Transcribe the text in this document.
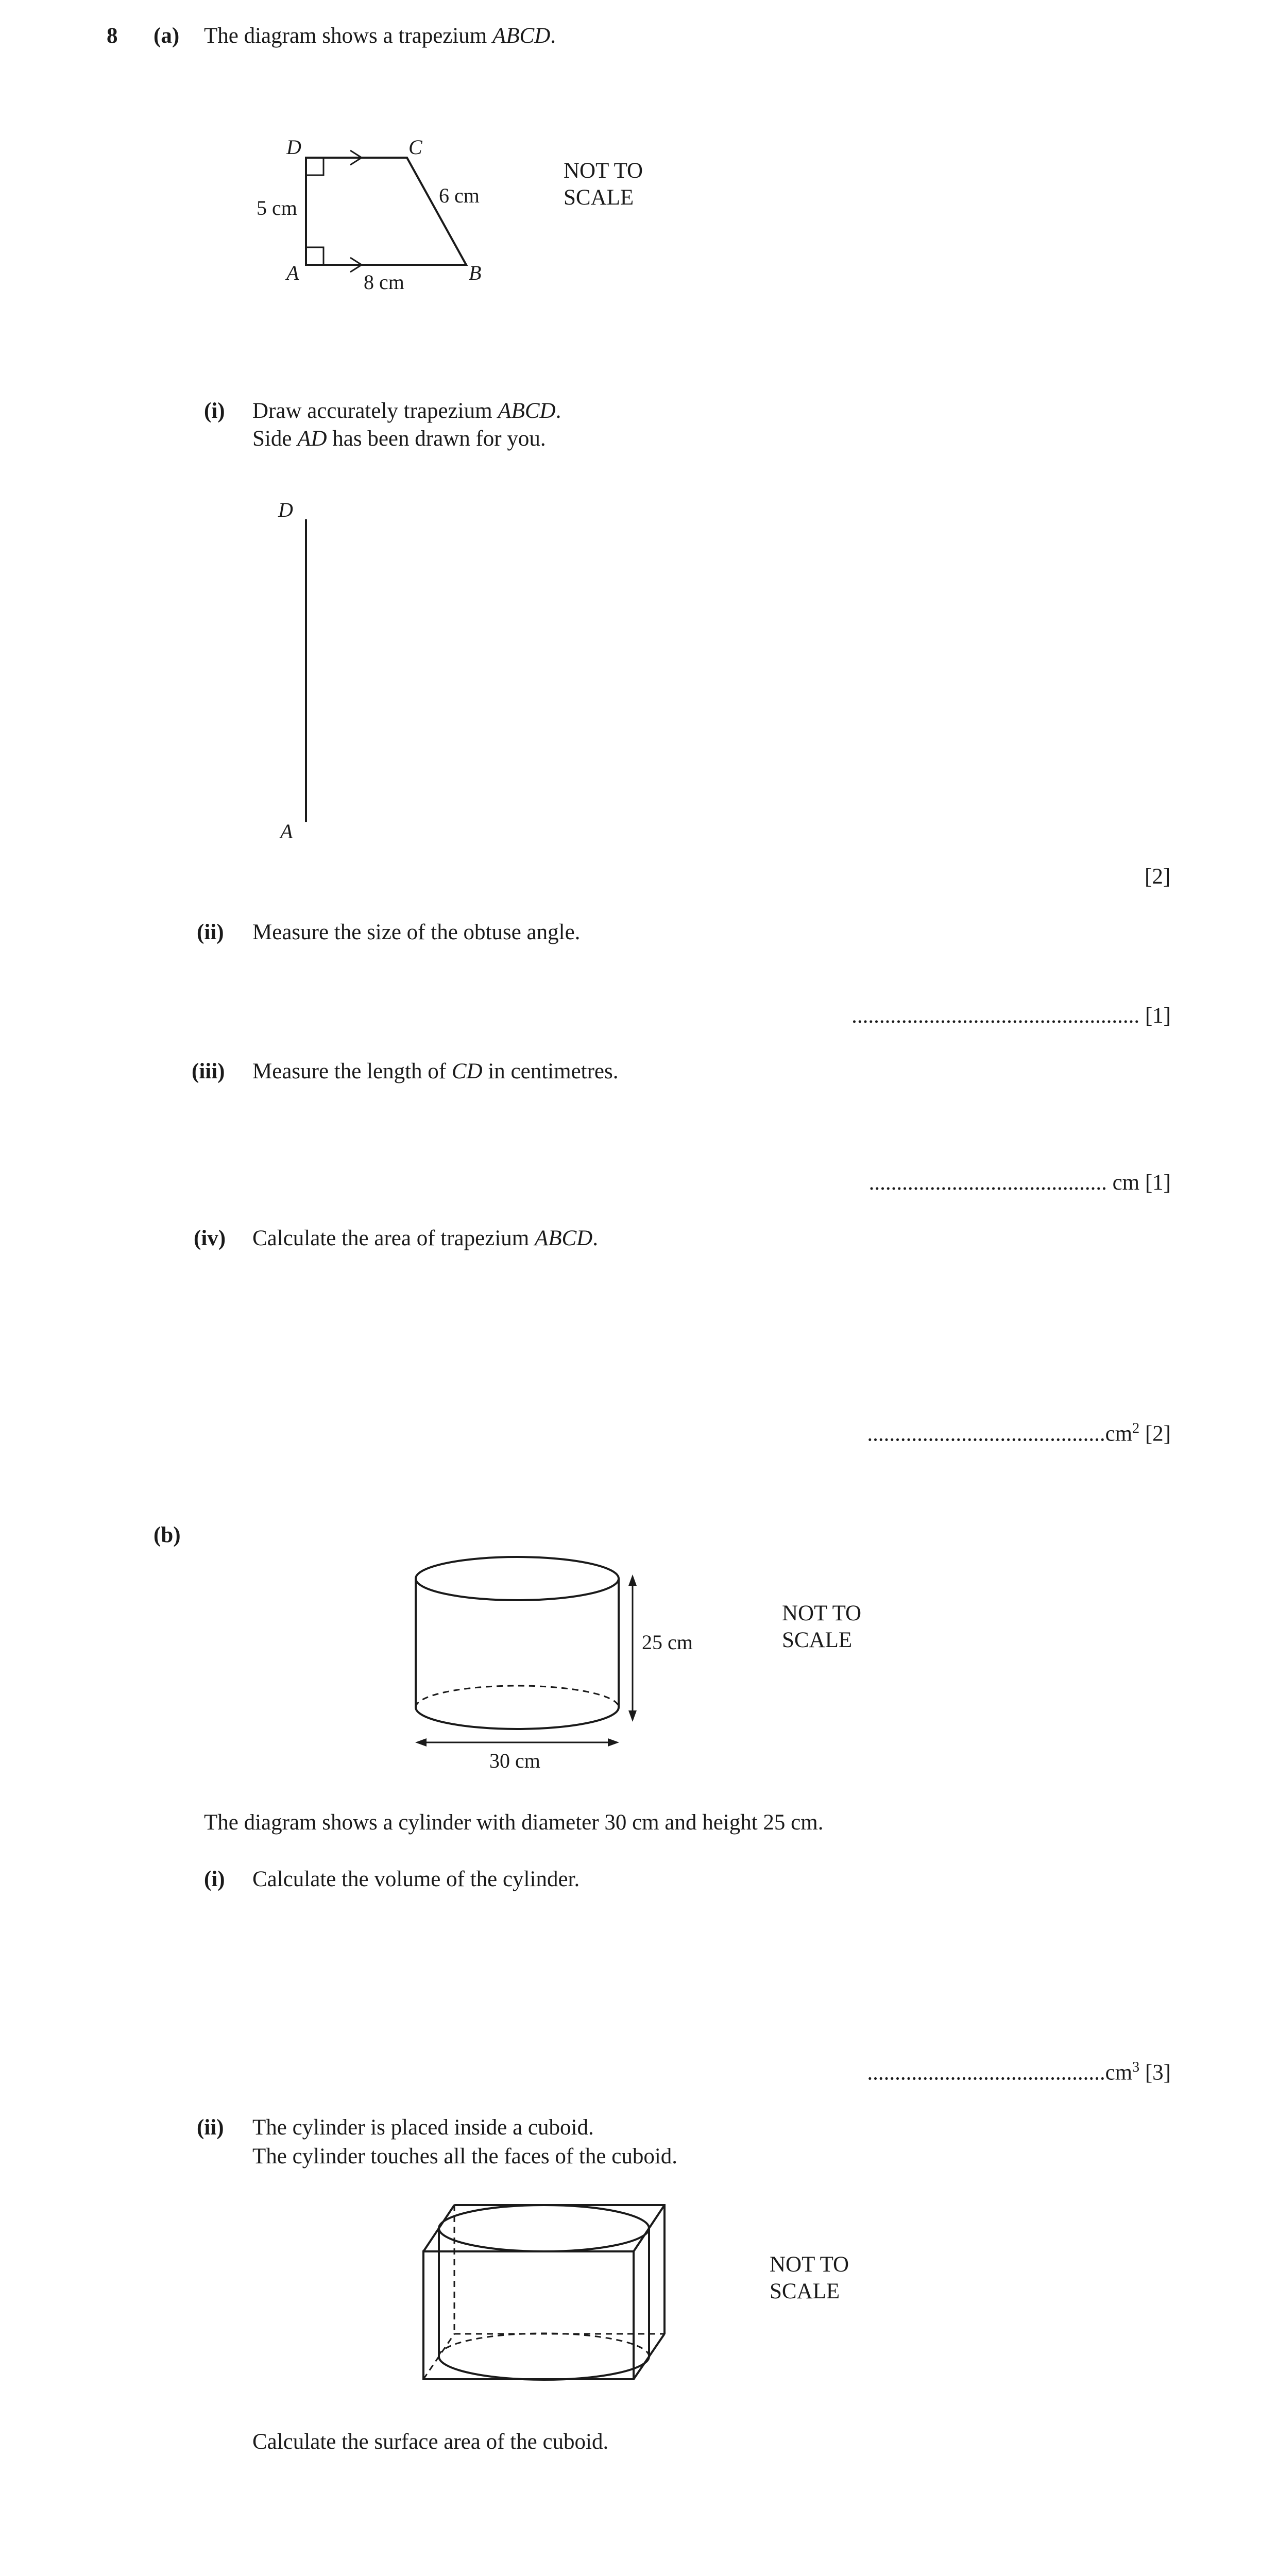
8 (a) The diagram shows a trapezium ABCD.
D	C
A	B
5 cm
8 cm
6 cm
NOT TO
SCALE
(i) Draw accurately trapezium ABCD.
Side AD has been drawn for you.
D
A
[2]
(ii) Measure the size of the obtuse angle.
.................................................... [1]
(iii) Measure the length of CD in centimetres.
........................................... cm [1]
(iv) Calculate the area of trapezium ABCD.
$...........................................cm^2$ [2]
(b)
25 cm
30 cm
NOT TO
SCALE
The diagram shows a cylinder with diameter 30 cm and height 25 cm.
(i) Calculate the volume of the cylinder.
$...........................................cm^3$ [3]
(ii) The cylinder is placed inside a cuboid.
The cylinder touches all the faces of the cuboid.
NOT TO
SCALE
Calculate the surface area of the cuboid.
